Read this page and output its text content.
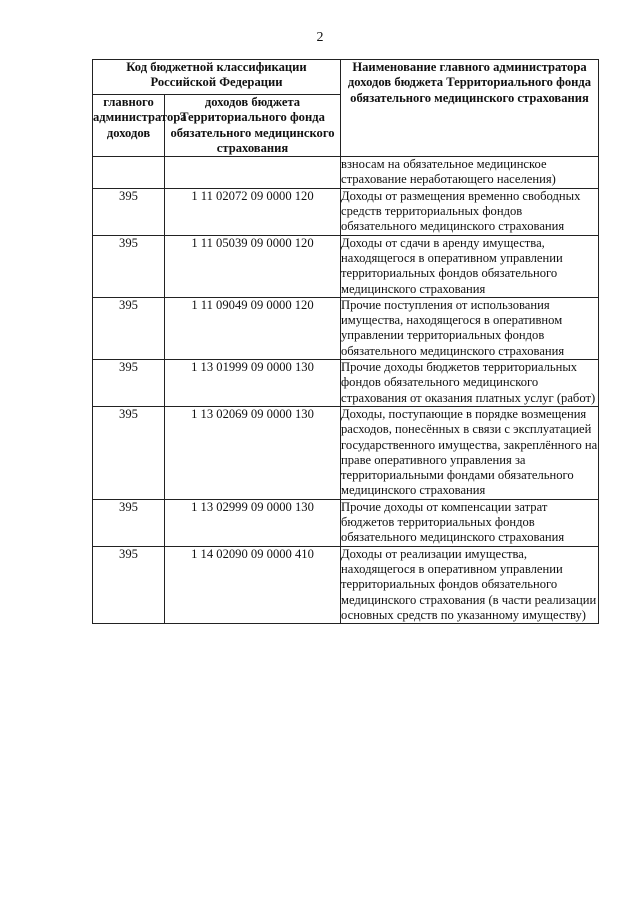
2
Код бюджетной классификации Российской Федерации		Наименование главного администратора доходов бюджета Территориального фонда обязательного медицинского страхования
главного администратора доходов	доходов бюджета Территориального фонда обязательного медицинского страхования	
		взносам на обязательное медицинское страхование неработающего населения)
395	1 11 02072 09 0000 120	Доходы от размещения временно свободных средств территориальных фондов обязательного медицинского страхования
395	1 11 05039 09 0000 120	Доходы от сдачи в аренду имущества, находящегося в оперативном управлении территориальных фондов обязательного медицинского страхования
395	1 11 09049 09 0000 120	Прочие поступления от использования имущества, находящегося в оперативном управлении территориальных фондов обязательного медицинского страхования
395	1 13 01999 09 0000 130	Прочие доходы бюджетов территориальных фондов обязательного медицинского страхования от оказания платных услуг (работ)
395	1 13 02069 09 0000 130	Доходы, поступающие в порядке возмещения расходов, понесённых в связи с эксплуатацией государственного имущества, закреплённого на праве оперативного управления за территориальными фондами обязательного медицинского страхования
395	1 13 02999 09 0000 130	Прочие доходы от компенсации затрат бюджетов территориальных фондов обязательного медицинского страхования
395	1 14 02090 09 0000 410	Доходы от реализации имущества, находящегося в оперативном управлении территориальных фондов обязательного медицинского страхования (в части реализации основных средств по указанному имуществу)
